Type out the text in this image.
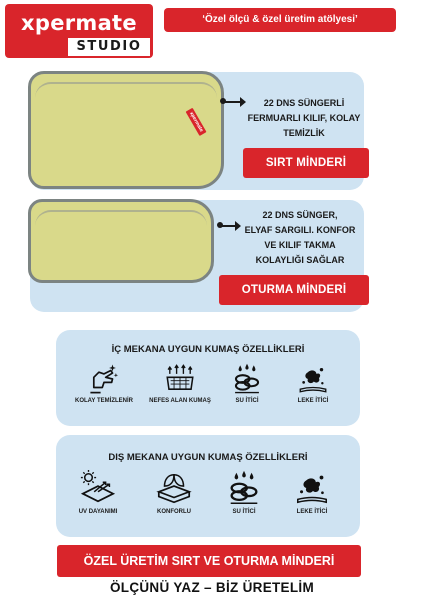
xpermate
STUDIO
‘Özel ölçü & özel üretim atölyesi’
xpermate
22 DNS SÜNGERLİ
FERMUARLI KILIF, KOLAY
TEMİZLİK
SIRT MİNDERİ
22 DNS SÜNGER,
ELYAF SARGILI. KONFOR
VE KILIF TAKMA
KOLAYLIĞI SAĞLAR
OTURMA MİNDERİ
İÇ MEKANA UYGUN KUMAŞ ÖZELLİKLERİ
KOLAY TEMİZLENİR	NEFES ALAN KUMAŞ	SU İTİCİ	LEKE İTİCİ
DIŞ MEKANA UYGUN KUMAŞ ÖZELLİKLERİ
UV DAYANIMI	KONFORLU	SU İTİCİ	LEKE İTİCİ
ÖZEL ÜRETİM SIRT VE OTURMA MİNDERİ
ÖLÇÜNÜ YAZ – BİZ ÜRETELİM
